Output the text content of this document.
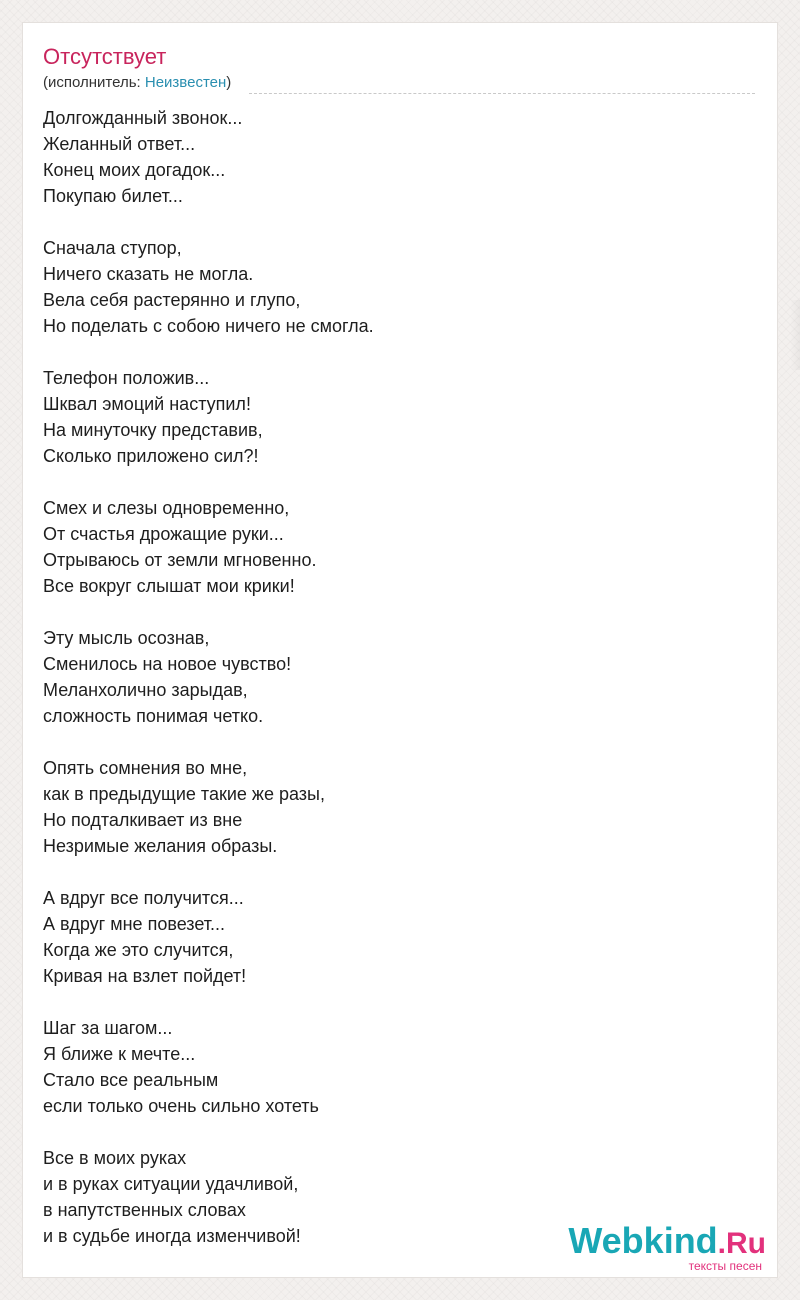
Отсутствует
(исполнитель: Неизвестен)
Долгожданный звонок...
Желанный ответ...
Конец моих догадок...
Покупаю билет...
Сначала ступор,
Ничего сказать не могла.
Вела себя растерянно и глупо,
Но поделать с собою ничего не смогла.
Телефон положив...
Шквал эмоций наступил!
На минуточку представив,
Сколько приложено сил?!
Смех и слезы одновременно,
От счастья дрожащие руки...
Отрываюсь от земли мгновенно.
Все вокруг слышат мои крики!
Эту мысль осознав,
Сменилось на новое чувство!
Меланхолично зарыдав,
сложность понимая четко.
Опять сомнения во мне,
как в предыдущие такие же разы,
Но подталкивает из вне
Незримые желания образы.
А вдруг все получится...
А вдруг мне повезет...
Когда же это случится,
Кривая на взлет пойдет!
Шаг за шагом...
Я ближе к мечте...
Стало все реальным
если только очень сильно хотеть
Все в моих руках
и в руках ситуации удачливой,
в напутственных словах
и в судьбе иногда изменчивой!	Webkind.Ru
тексты песен
